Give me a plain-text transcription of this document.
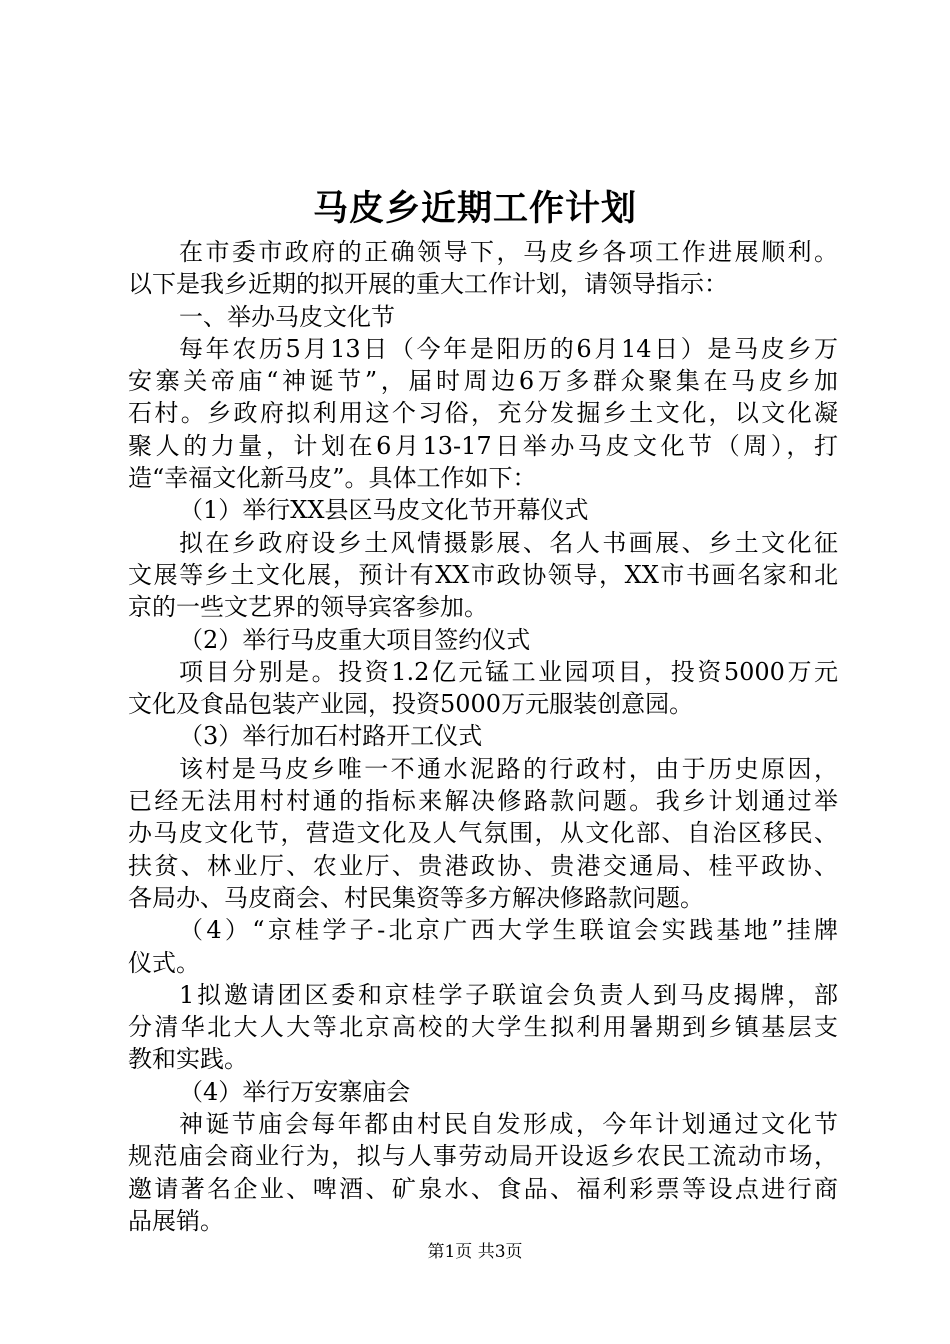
马皮乡近期工作计划
在市委市政府的正确领导下，马皮乡各项工作进展顺利。
以下是我乡近期的拟开展的重大工作计划，请领导指示：
一、举办马皮文化节
每年农历5月13日（今年是阳历的6月14日）是马皮乡万
安寨关帝庙“神诞节”，届时周边6万多群众聚集在马皮乡加
石村。乡政府拟利用这个习俗，充分发掘乡土文化，以文化凝
聚人的力量，计划在6月13-17日举办马皮文化节（周），打
造“幸福文化新马皮”。具体工作如下：
（1）举行XX县区马皮文化节开幕仪式
拟在乡政府设乡土风情摄影展、名人书画展、乡土文化征
文展等乡土文化展，预计有XX市政协领导，XX市书画名家和北
京的一些文艺界的领导宾客参加。
（2）举行马皮重大项目签约仪式
项目分别是。投资1.2亿元锰工业园项目，投资5000万元
文化及食品包装产业园，投资5000万元服装创意园。
（3）举行加石村路开工仪式
该村是马皮乡唯一不通水泥路的行政村，由于历史原因，
已经无法用村村通的指标来解决修路款问题。我乡计划通过举
办马皮文化节，营造文化及人气氛围，从文化部、自治区移民、
扶贫、林业厅、农业厅、贵港政协、贵港交通局、桂平政协、
各局办、马皮商会、村民集资等多方解决修路款问题。
（4）“京桂学子-北京广西大学生联谊会实践基地”挂牌
仪式。
1拟邀请团区委和京桂学子联谊会负责人到马皮揭牌，部
分清华北大人大等北京高校的大学生拟利用暑期到乡镇基层支
教和实践。
（4）举行万安寨庙会
神诞节庙会每年都由村民自发形成，今年计划通过文化节
规范庙会商业行为，拟与人事劳动局开设返乡农民工流动市场，
邀请著名企业、啤酒、矿泉水、食品、福利彩票等设点进行商
品展销。
第1页 共3页
